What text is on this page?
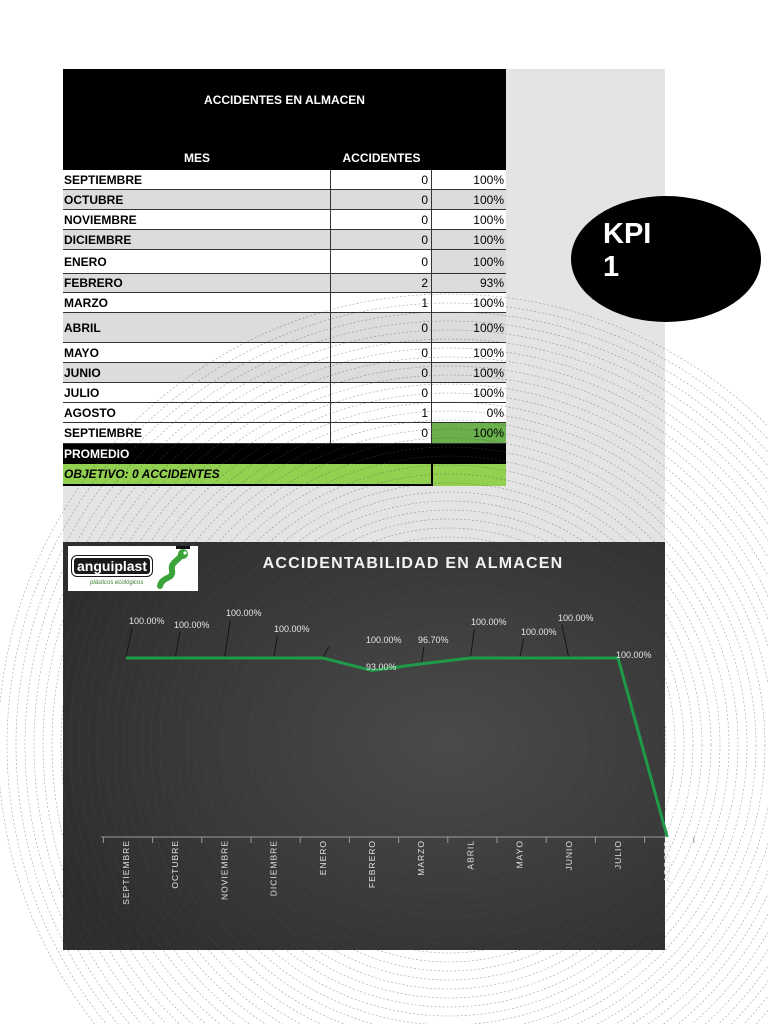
ACCIDENTES EN ALMACEN
MES	ACCIDENTES
SEPTIEMBRE	0	100%
OCTUBRE	0	100%
NOVIEMBRE	0	100%
DICIEMBRE	0	100%
ENERO	0	100%
FEBRERO	2	93%
MARZO	1	100%
ABRIL	0	100%
MAYO	0	100%
JUNIO	0	100%
JULIO	0	100%
AGOSTO	1	0%
SEPTIEMBRE	0	100%
PROMEDIO
OBJETIVO: 0 ACCIDENTES
KPI 1
100.00% 100.00%
100.00%
100.00%
100.00%
93.00%
96.70%
100.00%
100.00%
100.00%
100.00%
SEPTIEMBRE	OCTUBRE	NOVIEMBRE	DICIEMBRE	ENERO	FEBRERO	MARZO	ABRIL	MAYO	JUNIO	JULIO	AGOSTO
ACCIDENTABILIDAD EN ALMACEN
anguiplast
plásticos ecológicos
